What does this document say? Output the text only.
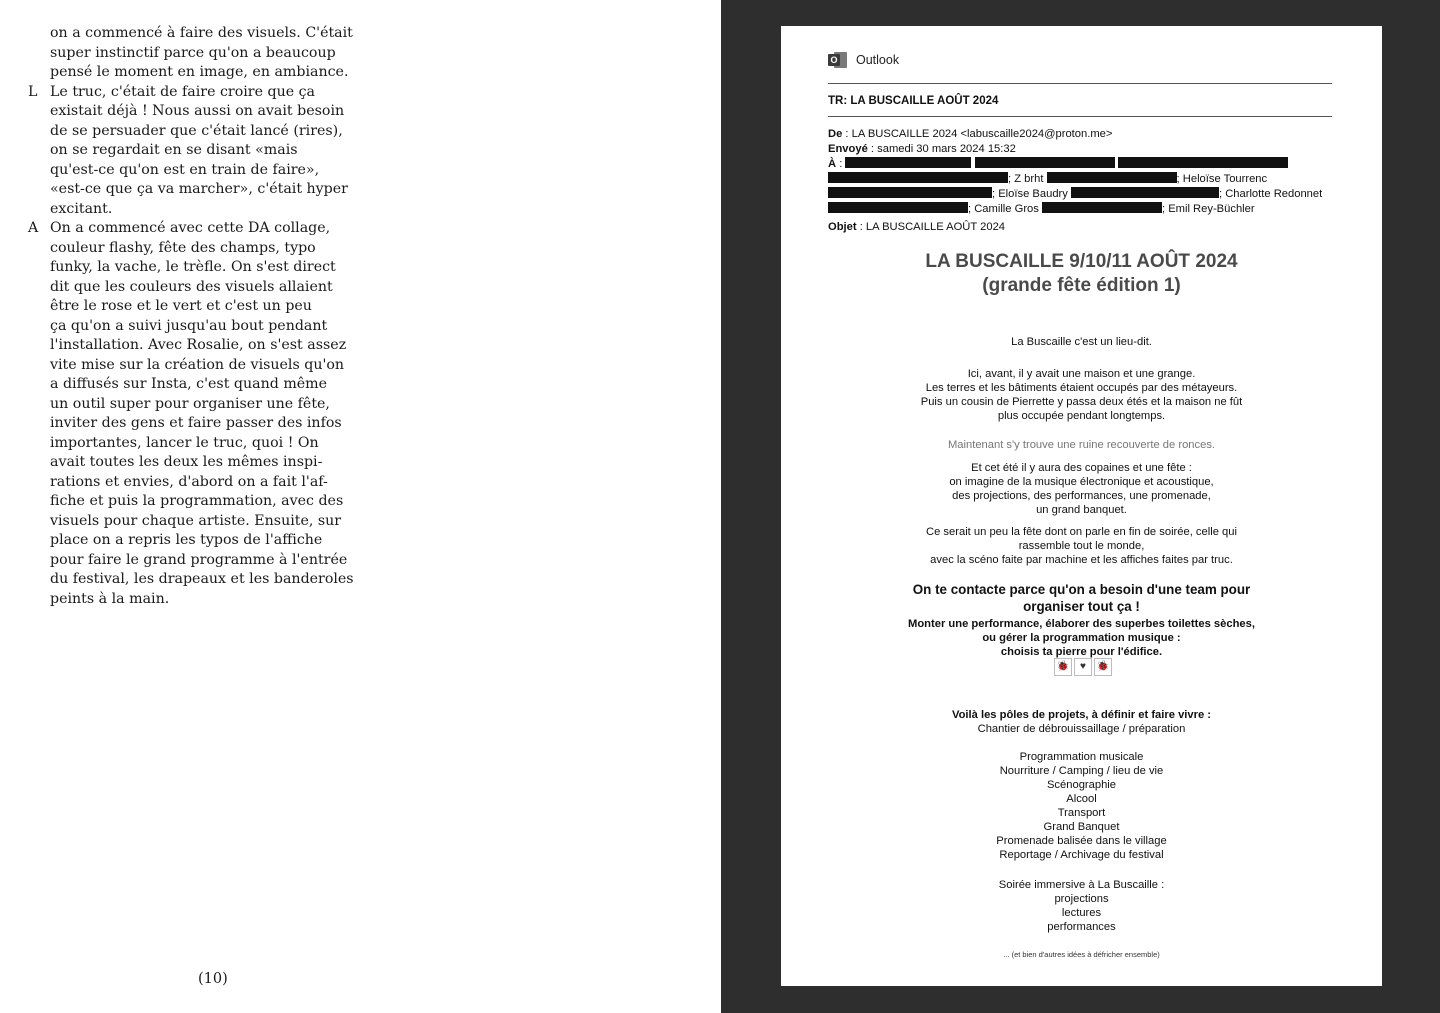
on a commencé à faire des visuels. C'était
super instinctif parce qu'on a beaucoup
pensé le moment en image, en ambiance.

L Le truc, c'était de faire croire que ça
existait déjà ! Nous aussi on avait besoin
de se persuader que c'était lancé (rires),
on se regardait en se disant «mais
qu'est-ce qu'on est en train de faire»,
«est-ce que ça va marcher», c'était hyper
excitant.

A On a commencé avec cette DA collage,
couleur flashy, fête des champs, typo
funky, la vache, le trèfle. On s'est direct
dit que les couleurs des visuels allaient
être le rose et le vert et c'est un peu
ça qu'on a suivi jusqu'au bout pendant
l'installation. Avec Rosalie, on s'est assez
vite mise sur la création de visuels qu'on
a diffusés sur Insta, c'est quand même
un outil super pour organiser une fête,
inviter des gens et faire passer des infos
importantes, lancer le truc, quoi ! On
avait toutes les deux les mêmes inspi-
rations et envies, d'abord on a fait l'af-
fiche et puis la programmation, avec des
visuels pour chaque artiste. Ensuite, sur
place on a repris les typos de l'affiche
pour faire le grand programme à l'entrée
du festival, les drapeaux et les banderoles
peints à la main.

(10)
O Outlook
TR: LA BUSCAILLE AOÛT 2024
De : LA BUSCAILLE 2024 <labuscaille2024@proton.me>
Envoyé : samedi 30 mars 2024 15:32
À :
; Z brht	; Heloïse Tourrenc
; Eloïse Baudry	; Charlotte Redonnet
; Camille Gros	; Emil Rey-Büchler
Objet : LA BUSCAILLE AOÛT 2024
LA BUSCAILLE 9/10/11 AOÛT 2024
(grande fête édition 1)
La Buscaille c'est un lieu-dit.
Ici, avant, il y avait une maison et une grange.
Les terres et les bâtiments étaient occupés par des métayeurs.
Puis un cousin de Pierrette y passa deux étés et la maison ne fût
plus occupée pendant longtemps.
Maintenant s'y trouve une ruine recouverte de ronces.
Et cet été il y aura des copaines et une fête :
on imagine de la musique électronique et acoustique,
des projections, des performances, une promenade,
un grand banquet.
Ce serait un peu la fête dont on parle en fin de soirée, celle qui
rassemble tout le monde,
avec la scéno faite par machine et les affiches faites par truc.
On te contacte parce qu'on a besoin d'une team pour
organiser tout ça !
Monter une performance, élaborer des superbes toilettes sèches,
ou gérer la programmation musique :
choisis ta pierre pour l'édifice.
🐞	♥	🐞
Voilà les pôles de projets, à définir et faire vivre :
Chantier de débrouissaillage / préparation
Programmation musicale
Nourriture / Camping / lieu de vie
Scénographie
Alcool
Transport
Grand Banquet
Promenade balisée dans le village
Reportage / Archivage du festival
Soirée immersive à La Buscaille :
projections
lectures
performances
... (et bien d'autres idées à défricher ensemble)
